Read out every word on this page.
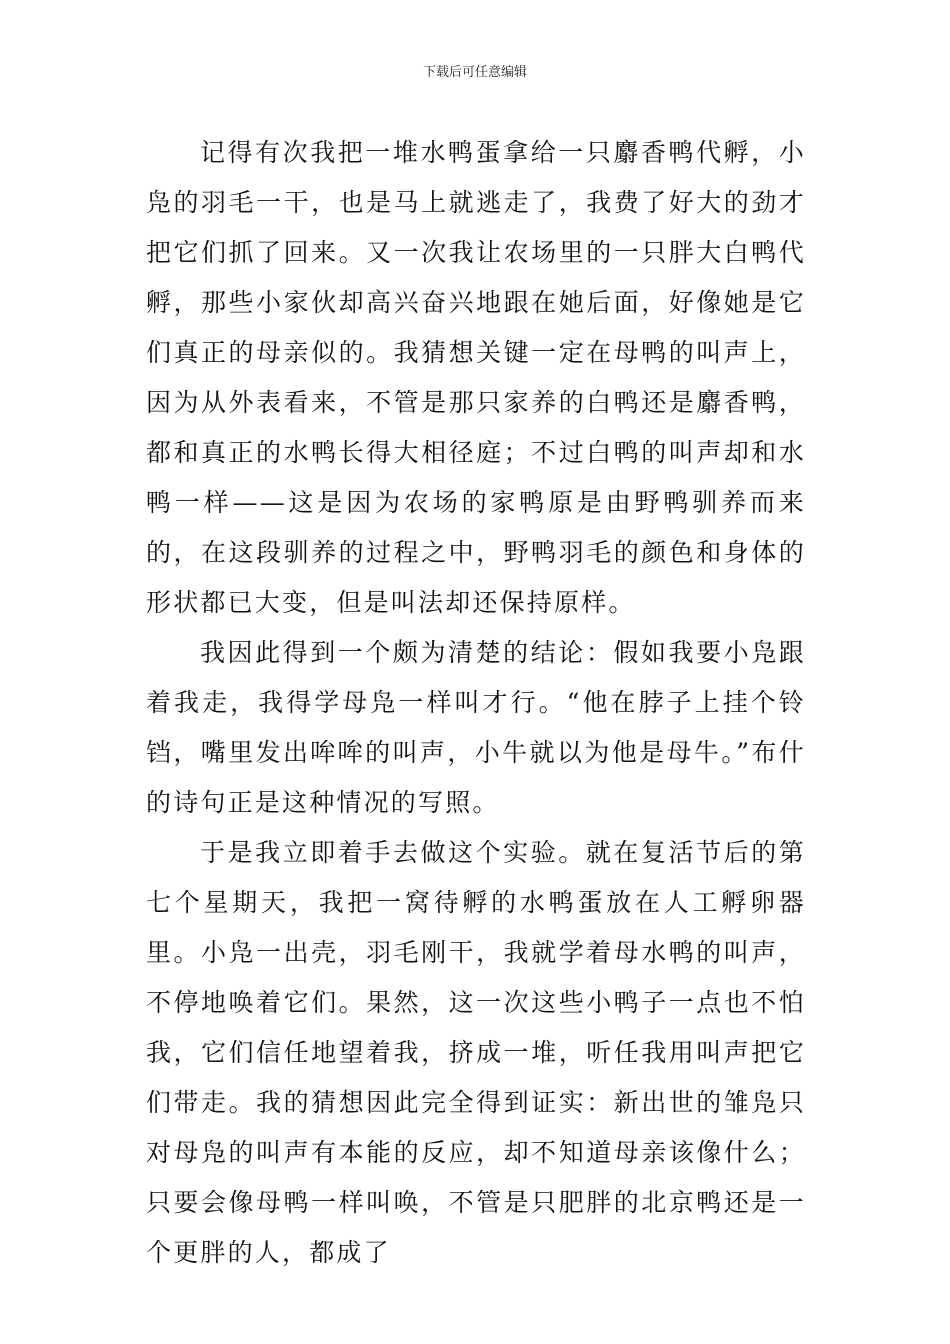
下载后可任意编辑

记得有次我把一堆水鸭蛋拿给一只麝香鸭代孵，小凫的羽毛一干，也是马上就逃走了，我费了好大的劲才把它们抓了回来。又一次我让农场里的一只胖大白鸭代孵，那些小家伙却高兴奋兴地跟在她后面，好像她是它们真正的母亲似的。我猜想关键一定在母鸭的叫声上，因为从外表看来，不管是那只家养的白鸭还是麝香鸭，都和真正的水鸭长得大相径庭；不过白鸭的叫声却和水鸭一样——这是因为农场的家鸭原是由野鸭驯养而来的，在这段驯养的过程之中，野鸭羽毛的颜色和身体的形状都已大变，但是叫法却还保持原样。

我因此得到一个颇为清楚的结论：假如我要小凫跟着我走，我得学母凫一样叫才行。“他在脖子上挂个铃铛，嘴里发出哞哞的叫声，小牛就以为他是母牛。”布什的诗句正是这种情况的写照。

于是我立即着手去做这个实验。就在复活节后的第七个星期天，我把一窝待孵的水鸭蛋放在人工孵卵器里。小凫一出壳，羽毛刚干，我就学着母水鸭的叫声，不停地唤着它们。果然，这一次这些小鸭子一点也不怕我，它们信任地望着我，挤成一堆，听任我用叫声把它们带走。我的猜想因此完全得到证实：新出世的雏凫只对母凫的叫声有本能的反应，却不知道母亲该像什么；只要会像母鸭一样叫唤，不管是只肥胖的北京鸭还是一个更胖的人，都成了
